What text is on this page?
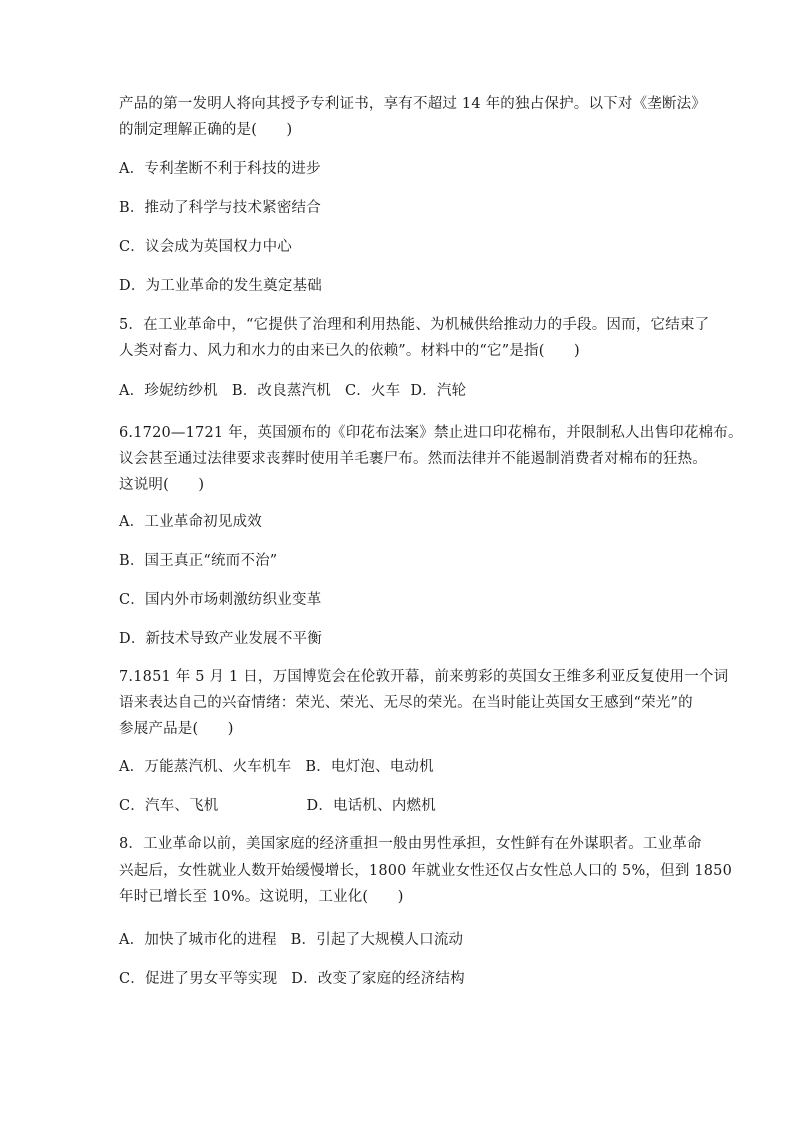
产品的第一发明人将向其授予专利证书，享有不超过 14 年的独占保护。以下对《垄断法》
的制定理解正确的是(　　)
A．专利垄断不利于科技的进步
B．推动了科学与技术紧密结合
C．议会成为英国权力中心
D．为工业革命的发生奠定基础
5．在工业革命中，“它提供了治理和利用热能、为机械供给推动力的手段。因而，它结束了
人类对畜力、风力和水力的由来已久的依赖”。材料中的“它”是指(　　)
A．珍妮纺纱机 B．改良蒸汽机 C．火车 D．汽轮
6.1720—1721 年，英国颁布的《印花布法案》禁止进口印花棉布，并限制私人出售印花棉布。
议会甚至通过法律要求丧葬时使用羊毛裹尸布。然而法律并不能遏制消费者对棉布的狂热。
这说明(　　)
A．工业革命初见成效
B．国王真正“统而不治”
C．国内外市场刺激纺织业变革
D．新技术导致产业发展不平衡
7.1851 年 5 月 1 日，万国博览会在伦敦开幕，前来剪彩的英国女王维多利亚反复使用一个词
语来表达自己的兴奋情绪：荣光、荣光、无尽的荣光。在当时能让英国女王感到“荣光”的
参展产品是(　　)
A．万能蒸汽机、火车机车 B．电灯泡、电动机
C．汽车、飞机	D．电话机、内燃机
8．工业革命以前，美国家庭的经济重担一般由男性承担，女性鲜有在外谋职者。工业革命
兴起后，女性就业人数开始缓慢增长，1800 年就业女性还仅占女性总人口的 5%，但到 1850
年时已增长至 10%。这说明，工业化(　　)
A．加快了城市化的进程 B．引起了大规模人口流动
C．促进了男女平等实现 D．改变了家庭的经济结构
